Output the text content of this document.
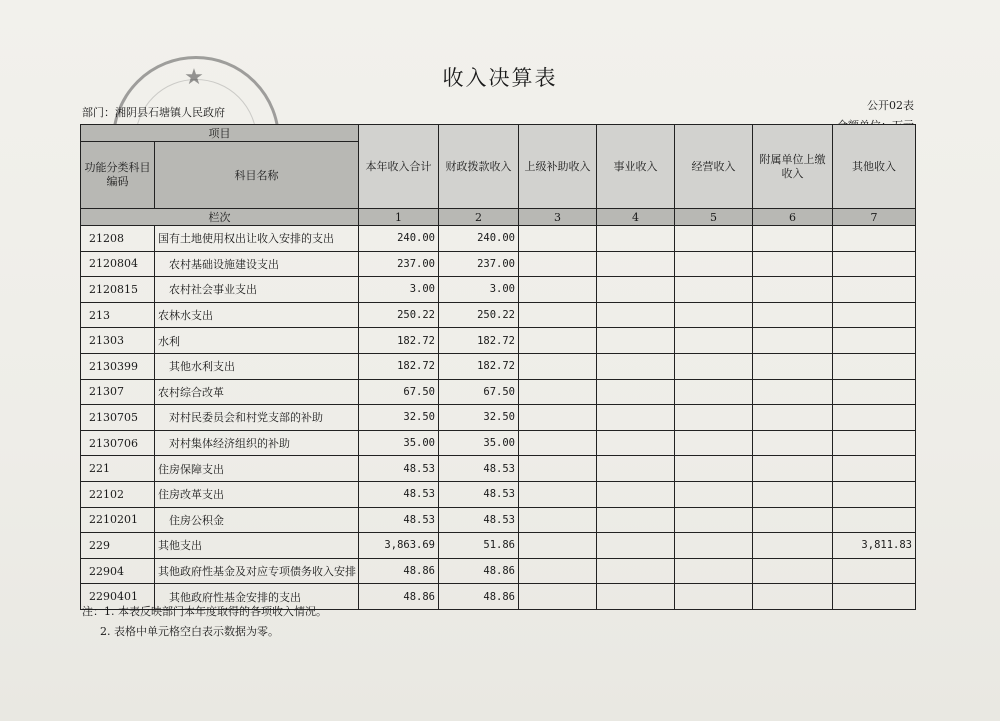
★	收入决算表
公开02表
部门：湘阴县石塘镇人民政府
项目		本年收入合计	财政拨款收入	上级补助收入	事业收入	经营收入	附属单位上缴收入	其他收入
功能分类科目编码	科目名称							
栏次		1	2	3	4	5	6	7
21208	国有土地使用权出让收入安排的支出	240.00	240.00					
2120804	农村基础设施建设支出	237.00	237.00					
2120815	农村社会事业支出	3.00	3.00					
213	农林水支出	250.22	250.22					
21303	水利	182.72	182.72					
2130399	其他水利支出	182.72	182.72					
21307	农村综合改革	67.50	67.50					
2130705	对村民委员会和村党支部的补助	32.50	32.50					
2130706	对村集体经济组织的补助	35.00	35.00					
221	住房保障支出	48.53	48.53					
22102	住房改革支出	48.53	48.53					
2210201	住房公积金	48.53	48.53					
229	其他支出	3,863.69	51.86					3,811.83
22904	其他政府性基金及对应专项债务收入安排	48.86	48.86					
2290401	其他政府性基金安排的支出	48.86	48.86					
注：1. 本表反映部门本年度取得的各项收入情况。
2. 表格中单元格空白表示数据为零。
